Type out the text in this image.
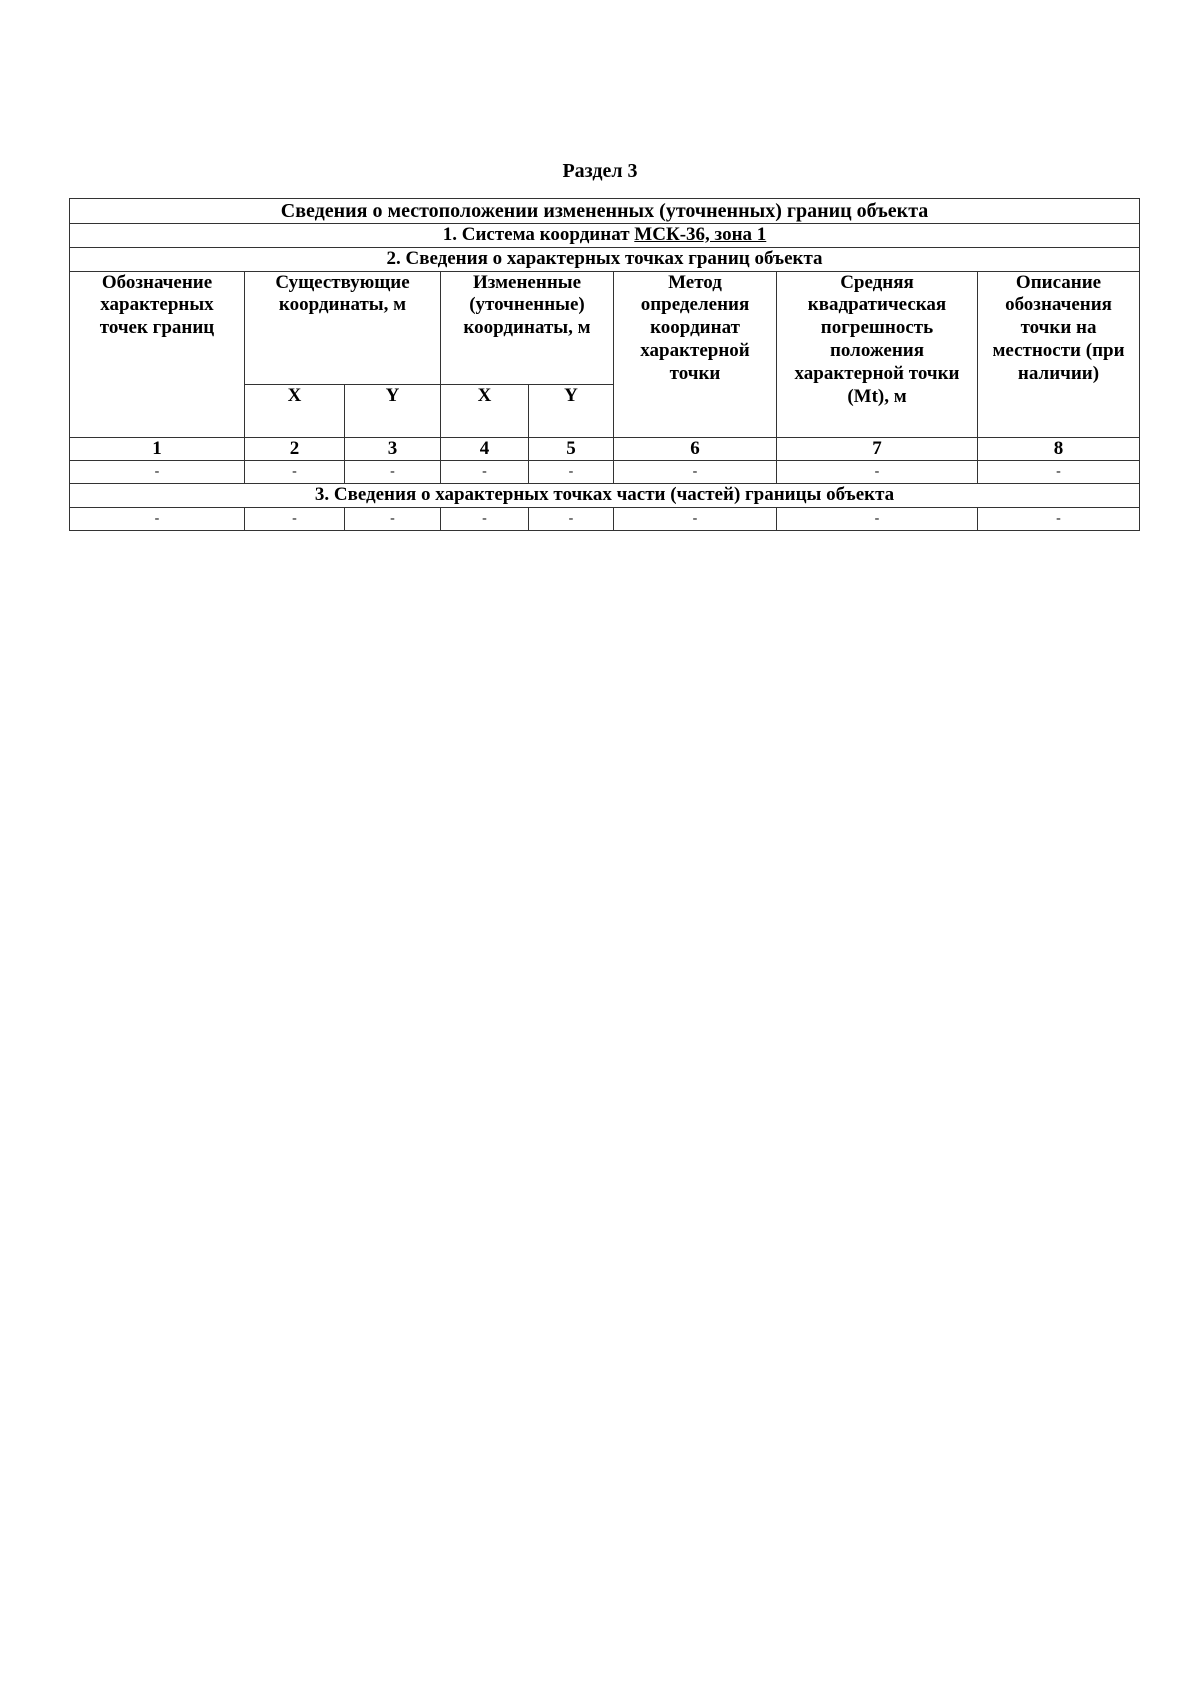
Раздел 3
Сведения о местоположении измененных (уточненных) границ объекта							
1. Система координат МСК-36, зона 1							
2. Сведения о характерных точках границ объекта							
Обозначение характерных точек границ	Существующие координаты, м		Измененные (уточненные) координаты, м		Метод определения координат характерной точки	Средняя квадратическая погрешность положения характерной точки (Mt), м	Описание обозначения точки на местности (при наличии)
	X	Y	X	Y			
1	2	3	4	5	6	7	8
-	-	-	-	-	-	-	-
3. Сведения о характерных точках части (частей) границы объекта							
-	-	-	-	-	-	-	-
